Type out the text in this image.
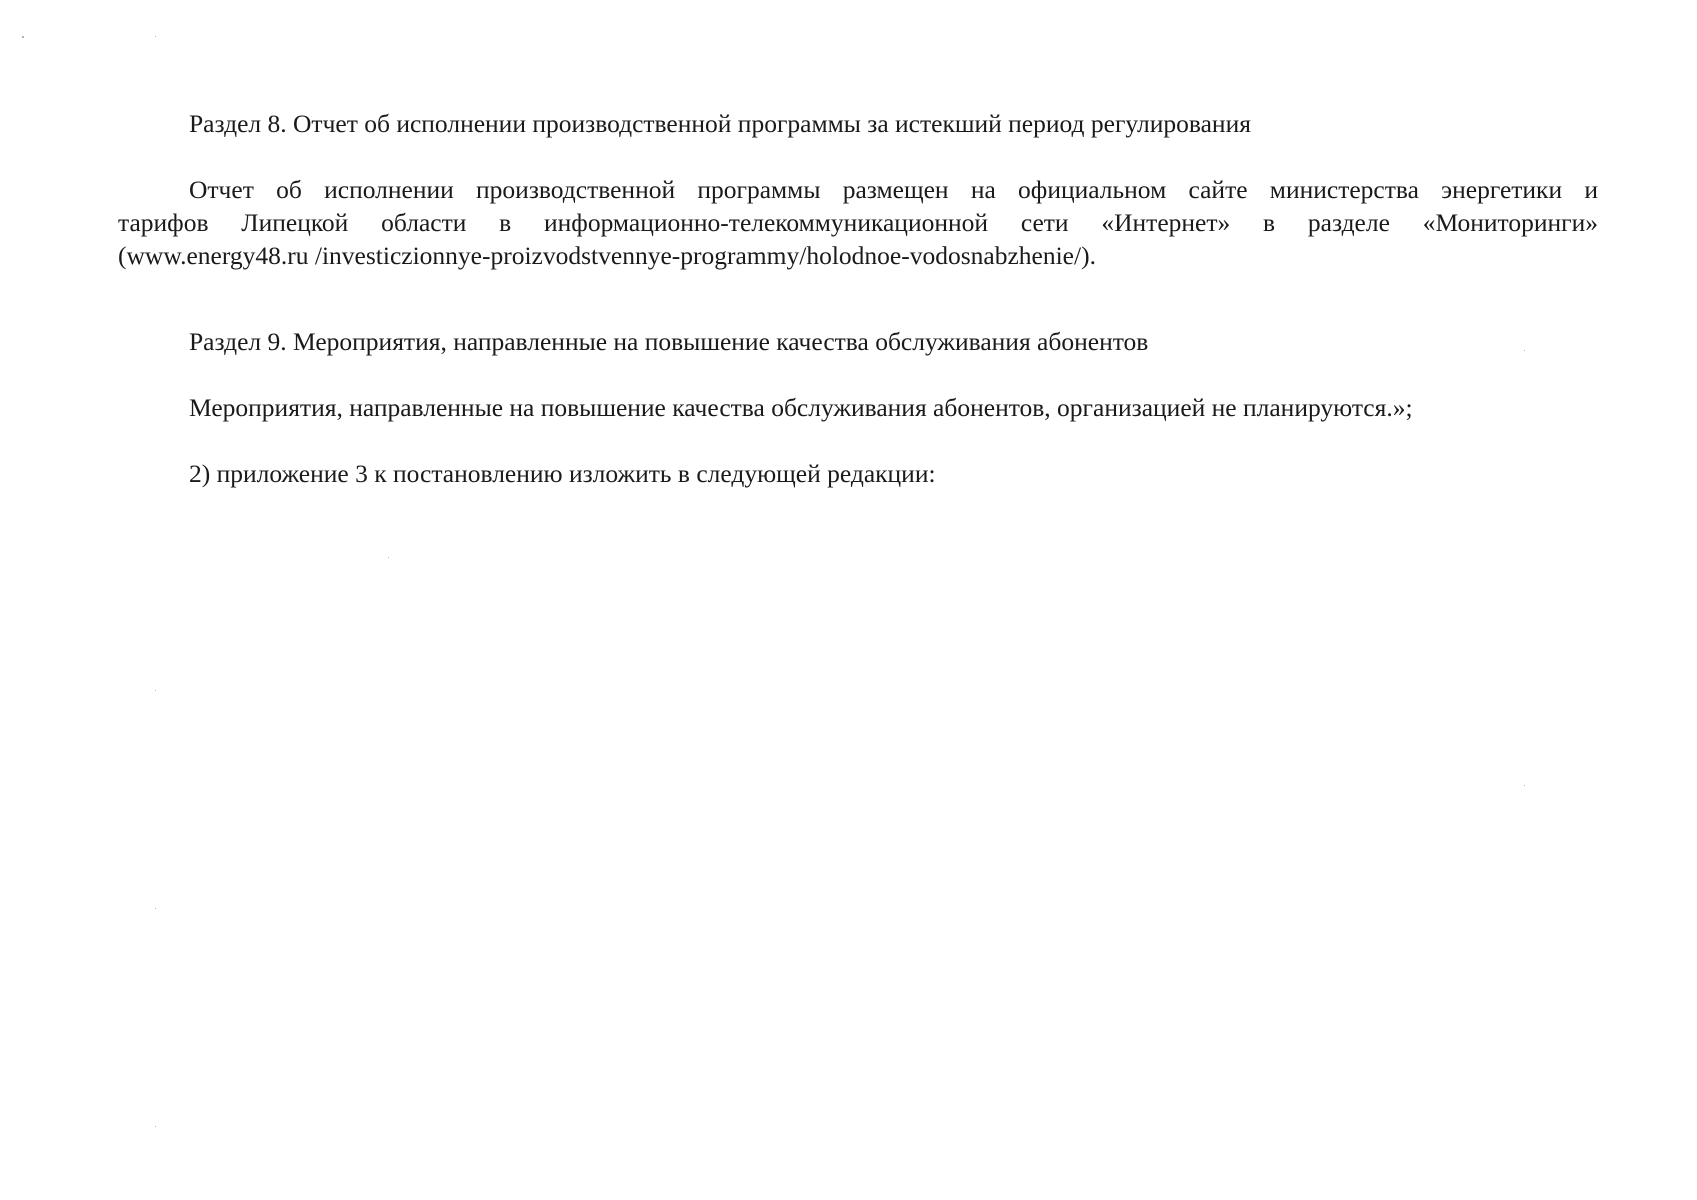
Раздел 8. Отчет об исполнении производственной программы за истекший период регулирования
Отчет об исполнении производственной программы размещен на официальном сайте министерства энергетики и
тарифов Липецкой области в информационно-телекоммуникационной сети «Интернет» в разделе «Мониторинги»
(www.energy48.ru /investiczionnye-proizvodstvennye-programmy/holodnoe-vodosnabzhenie/).
Раздел 9. Мероприятия, направленные на повышение качества обслуживания абонентов
Мероприятия, направленные на повышение качества обслуживания абонентов, организацией не планируются.»;
2) приложение 3 к постановлению изложить в следующей редакции:
